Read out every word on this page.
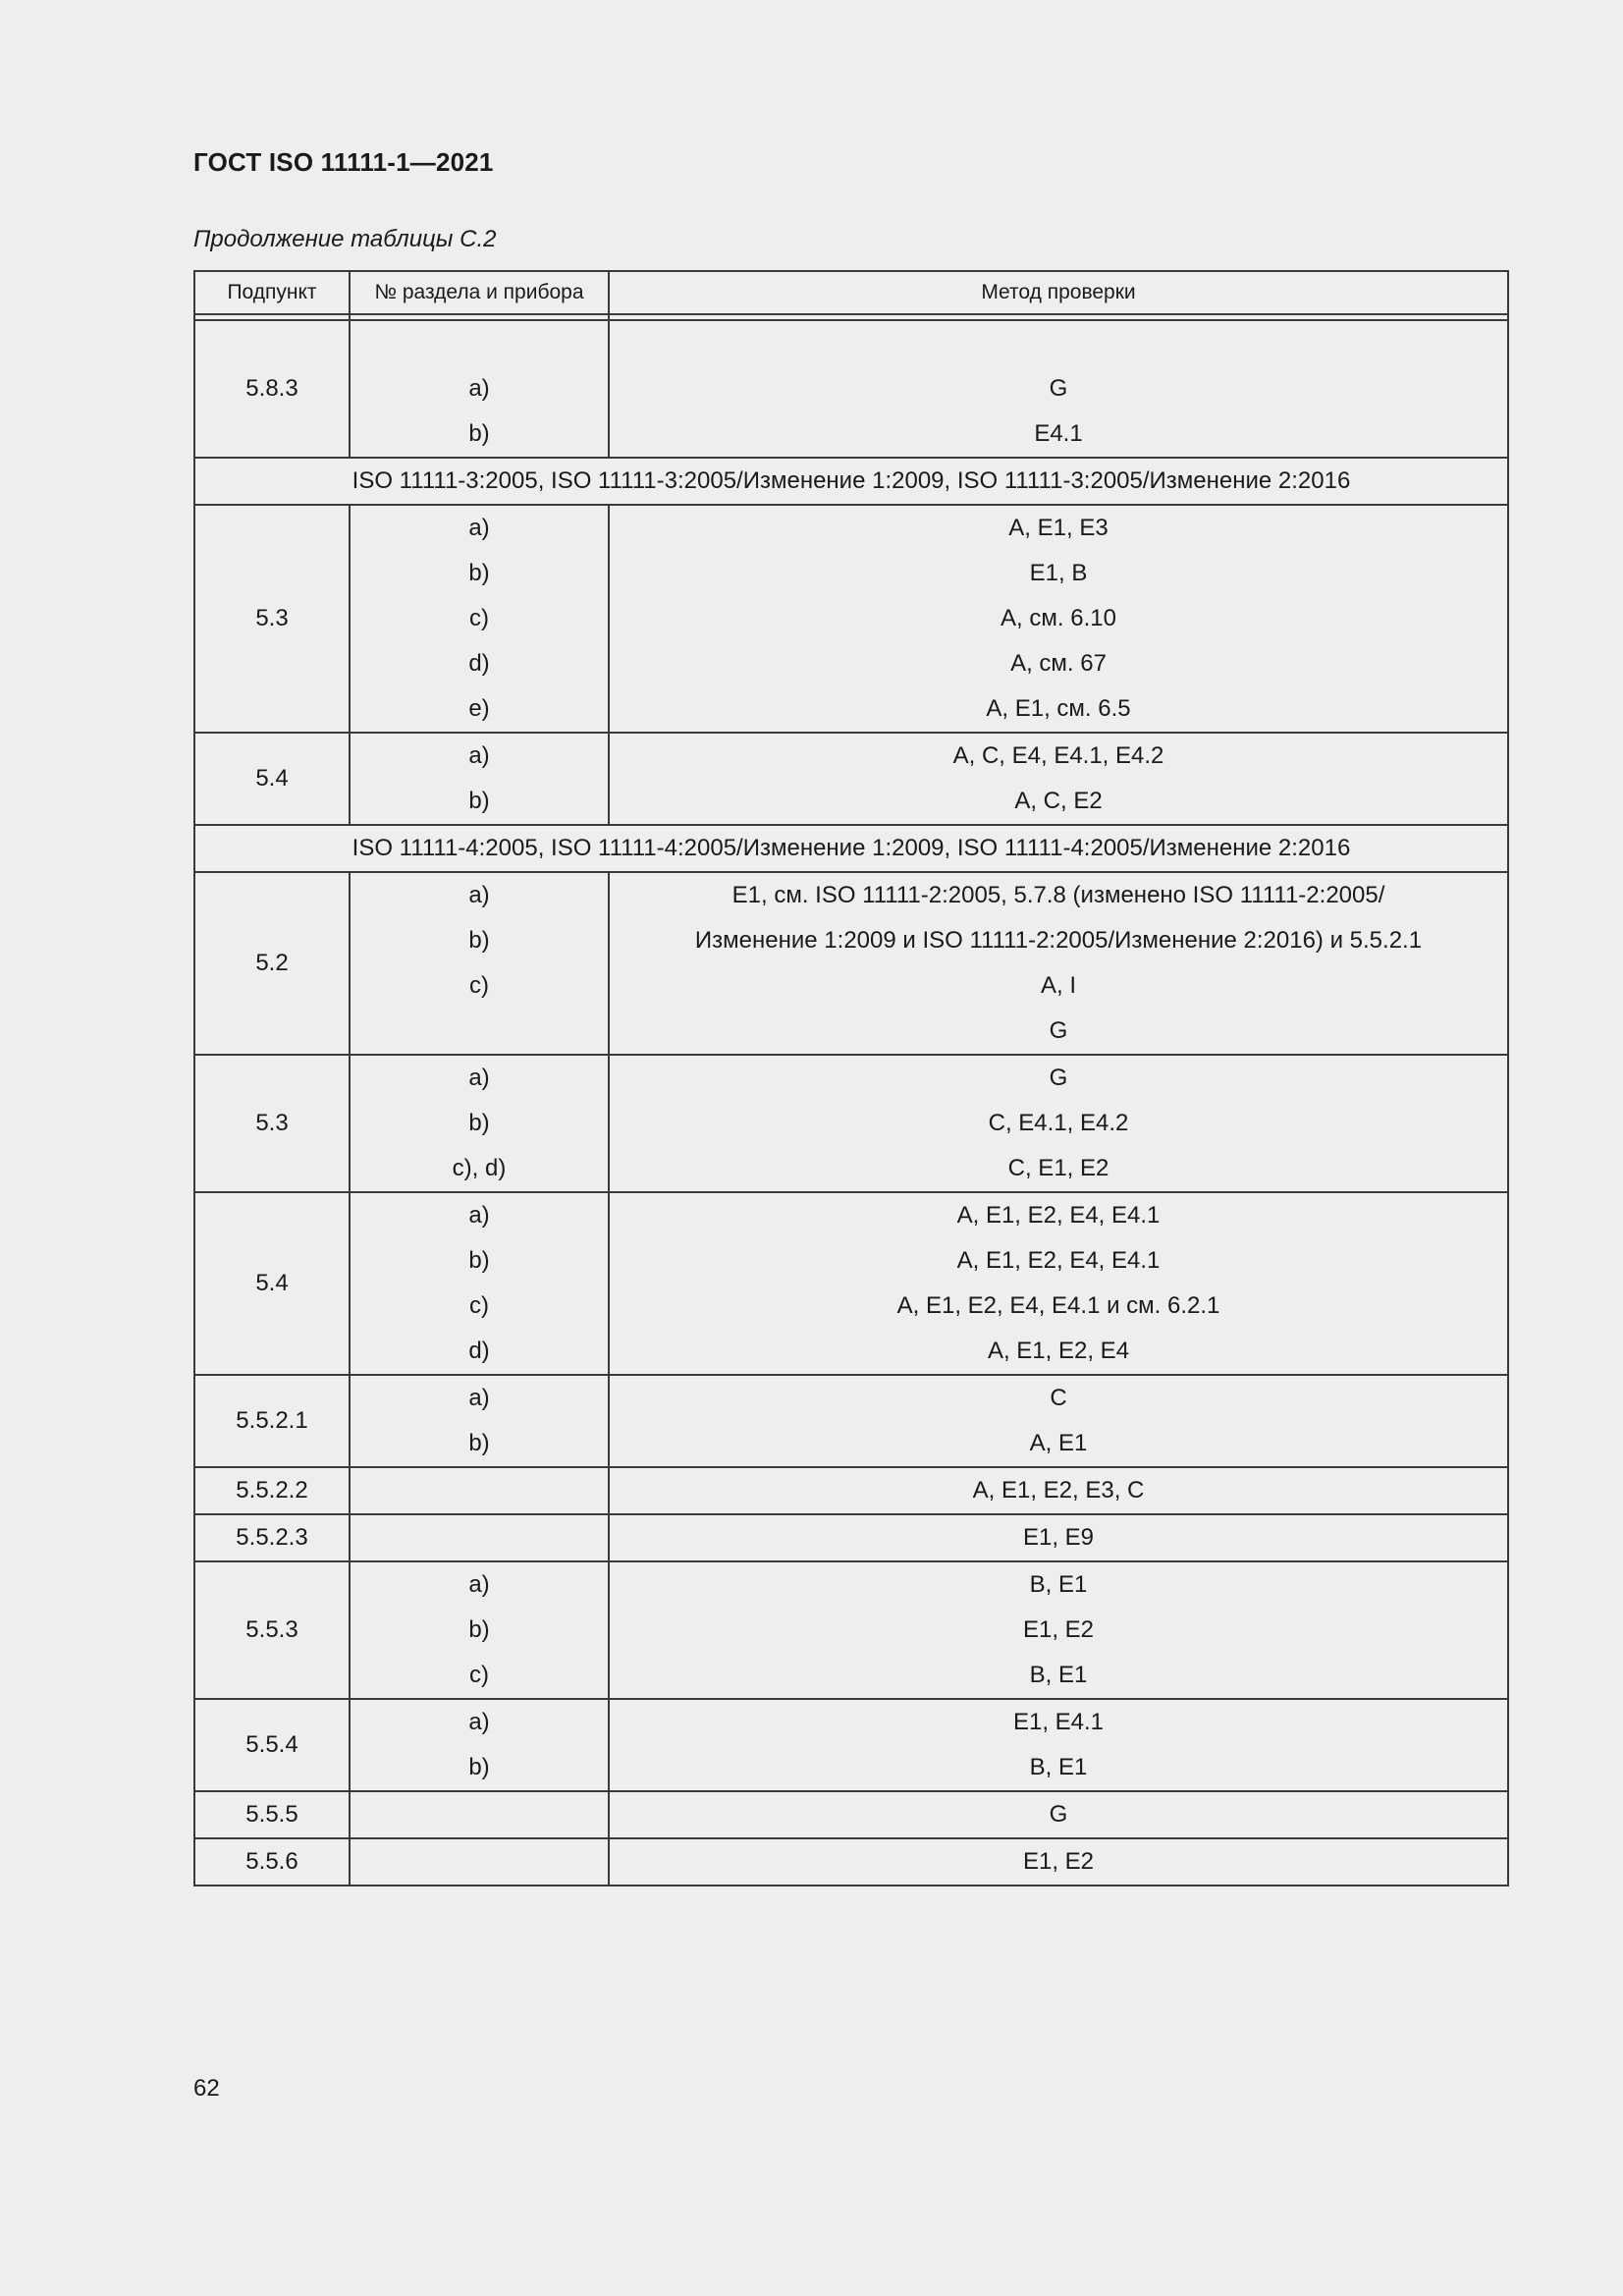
ГОСТ ISO 11111-1—2021
Продолжение таблицы С.2
Подпункт	№ раздела и прибора	Метод проверки

5.8.3		
	a)	G
	b)	E4.1
ISO 11111-3:2005, ISO 11111-3:2005/Изменение 1:2009, ISO 11111-3:2005/Изменение 2:2016		
5.3	a)	A, E1, E3
	b)	E1, B
	c)	A, см. 6.10
	d)	A, см. 67
	e)	A, E1, см. 6.5
5.4	a)	A, C, E4, E4.1, E4.2
	b)	A, C, E2
ISO 11111-4:2005, ISO 11111-4:2005/Изменение 1:2009, ISO 11111-4:2005/Изменение 2:2016		
5.2	a)	E1, см. ISO 11111-2:2005, 5.7.8 (изменено ISO 11111-2:2005/
	b)	Изменение 1:2009 и ISO 11111-2:2005/Изменение 2:2016) и 5.5.2.1
	c)	A, I
		G
5.3	a)	G
	b)	C, E4.1, E4.2
	c), d)	C, E1, E2
5.4	a)	A, E1, E2, E4, E4.1
	b)	A, E1, E2, E4, E4.1
	c)	A, E1, E2, E4, E4.1 и см. 6.2.1
	d)	A, E1, E2, E4
5.5.2.1	a)	C
	b)	A, E1
5.5.2.2		A, E1, E2, E3, C
5.5.2.3		E1, E9
5.5.3	a)	B, E1
	b)	E1, E2
	c)	B, E1
5.5.4	a)	E1, E4.1
	b)	B, E1
5.5.5		G
5.5.6		E1, E2
62
